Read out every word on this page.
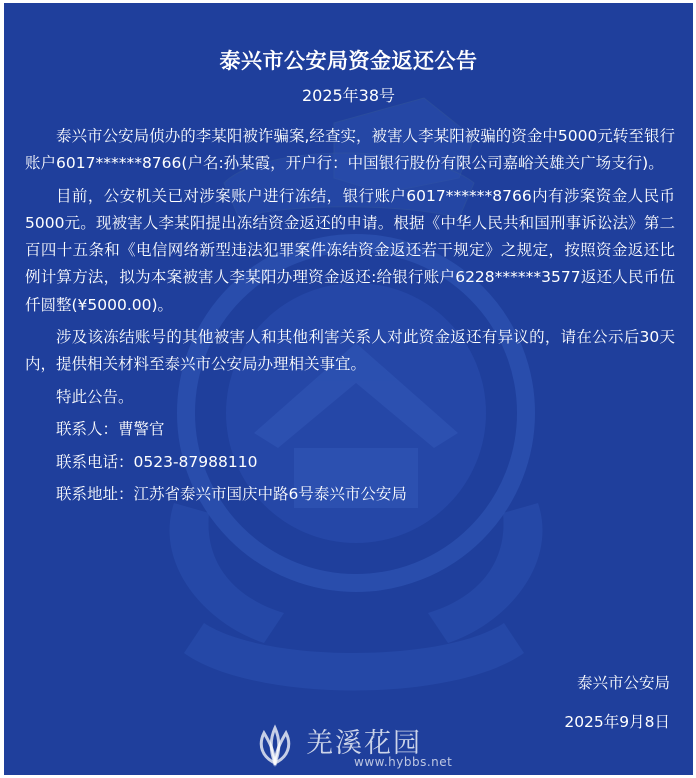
泰兴市公安局资金返还公告
2025年38号

泰兴市公安局侦办的李某阳被诈骗案,经查实，被害人李某阳被骗的资金中5000元转至银行账户6017******8766(户名:孙某霞，开户行：中国银行股份有限公司嘉峪关雄关广场支行)。

目前，公安机关已对涉案账户进行冻结，银行账户6017******8766内有涉案资金人民币5000元。现被害人李某阳提出冻结资金返还的申请。根据《中华人民共和国刑事诉讼法》第二百四十五条和《电信网络新型违法犯罪案件冻结资金返还若干规定》之规定，按照资金返还比例计算方法，拟为本案被害人李某阳办理资金返还:给银行账户6228******3577返还人民币伍仟圆整(¥5000.00)。

涉及该冻结账号的其他被害人和其他利害关系人对此资金返还有异议的，请在公示后30天内，提供相关材料至泰兴市公安局办理相关事宜。

特此公告。

联系人：曹警官

联系电话：0523-87988110

联系地址：江苏省泰兴市国庆中路6号泰兴市公安局

泰兴市公安局
2025年9月8日
羌溪花园
www.hybbs.net
